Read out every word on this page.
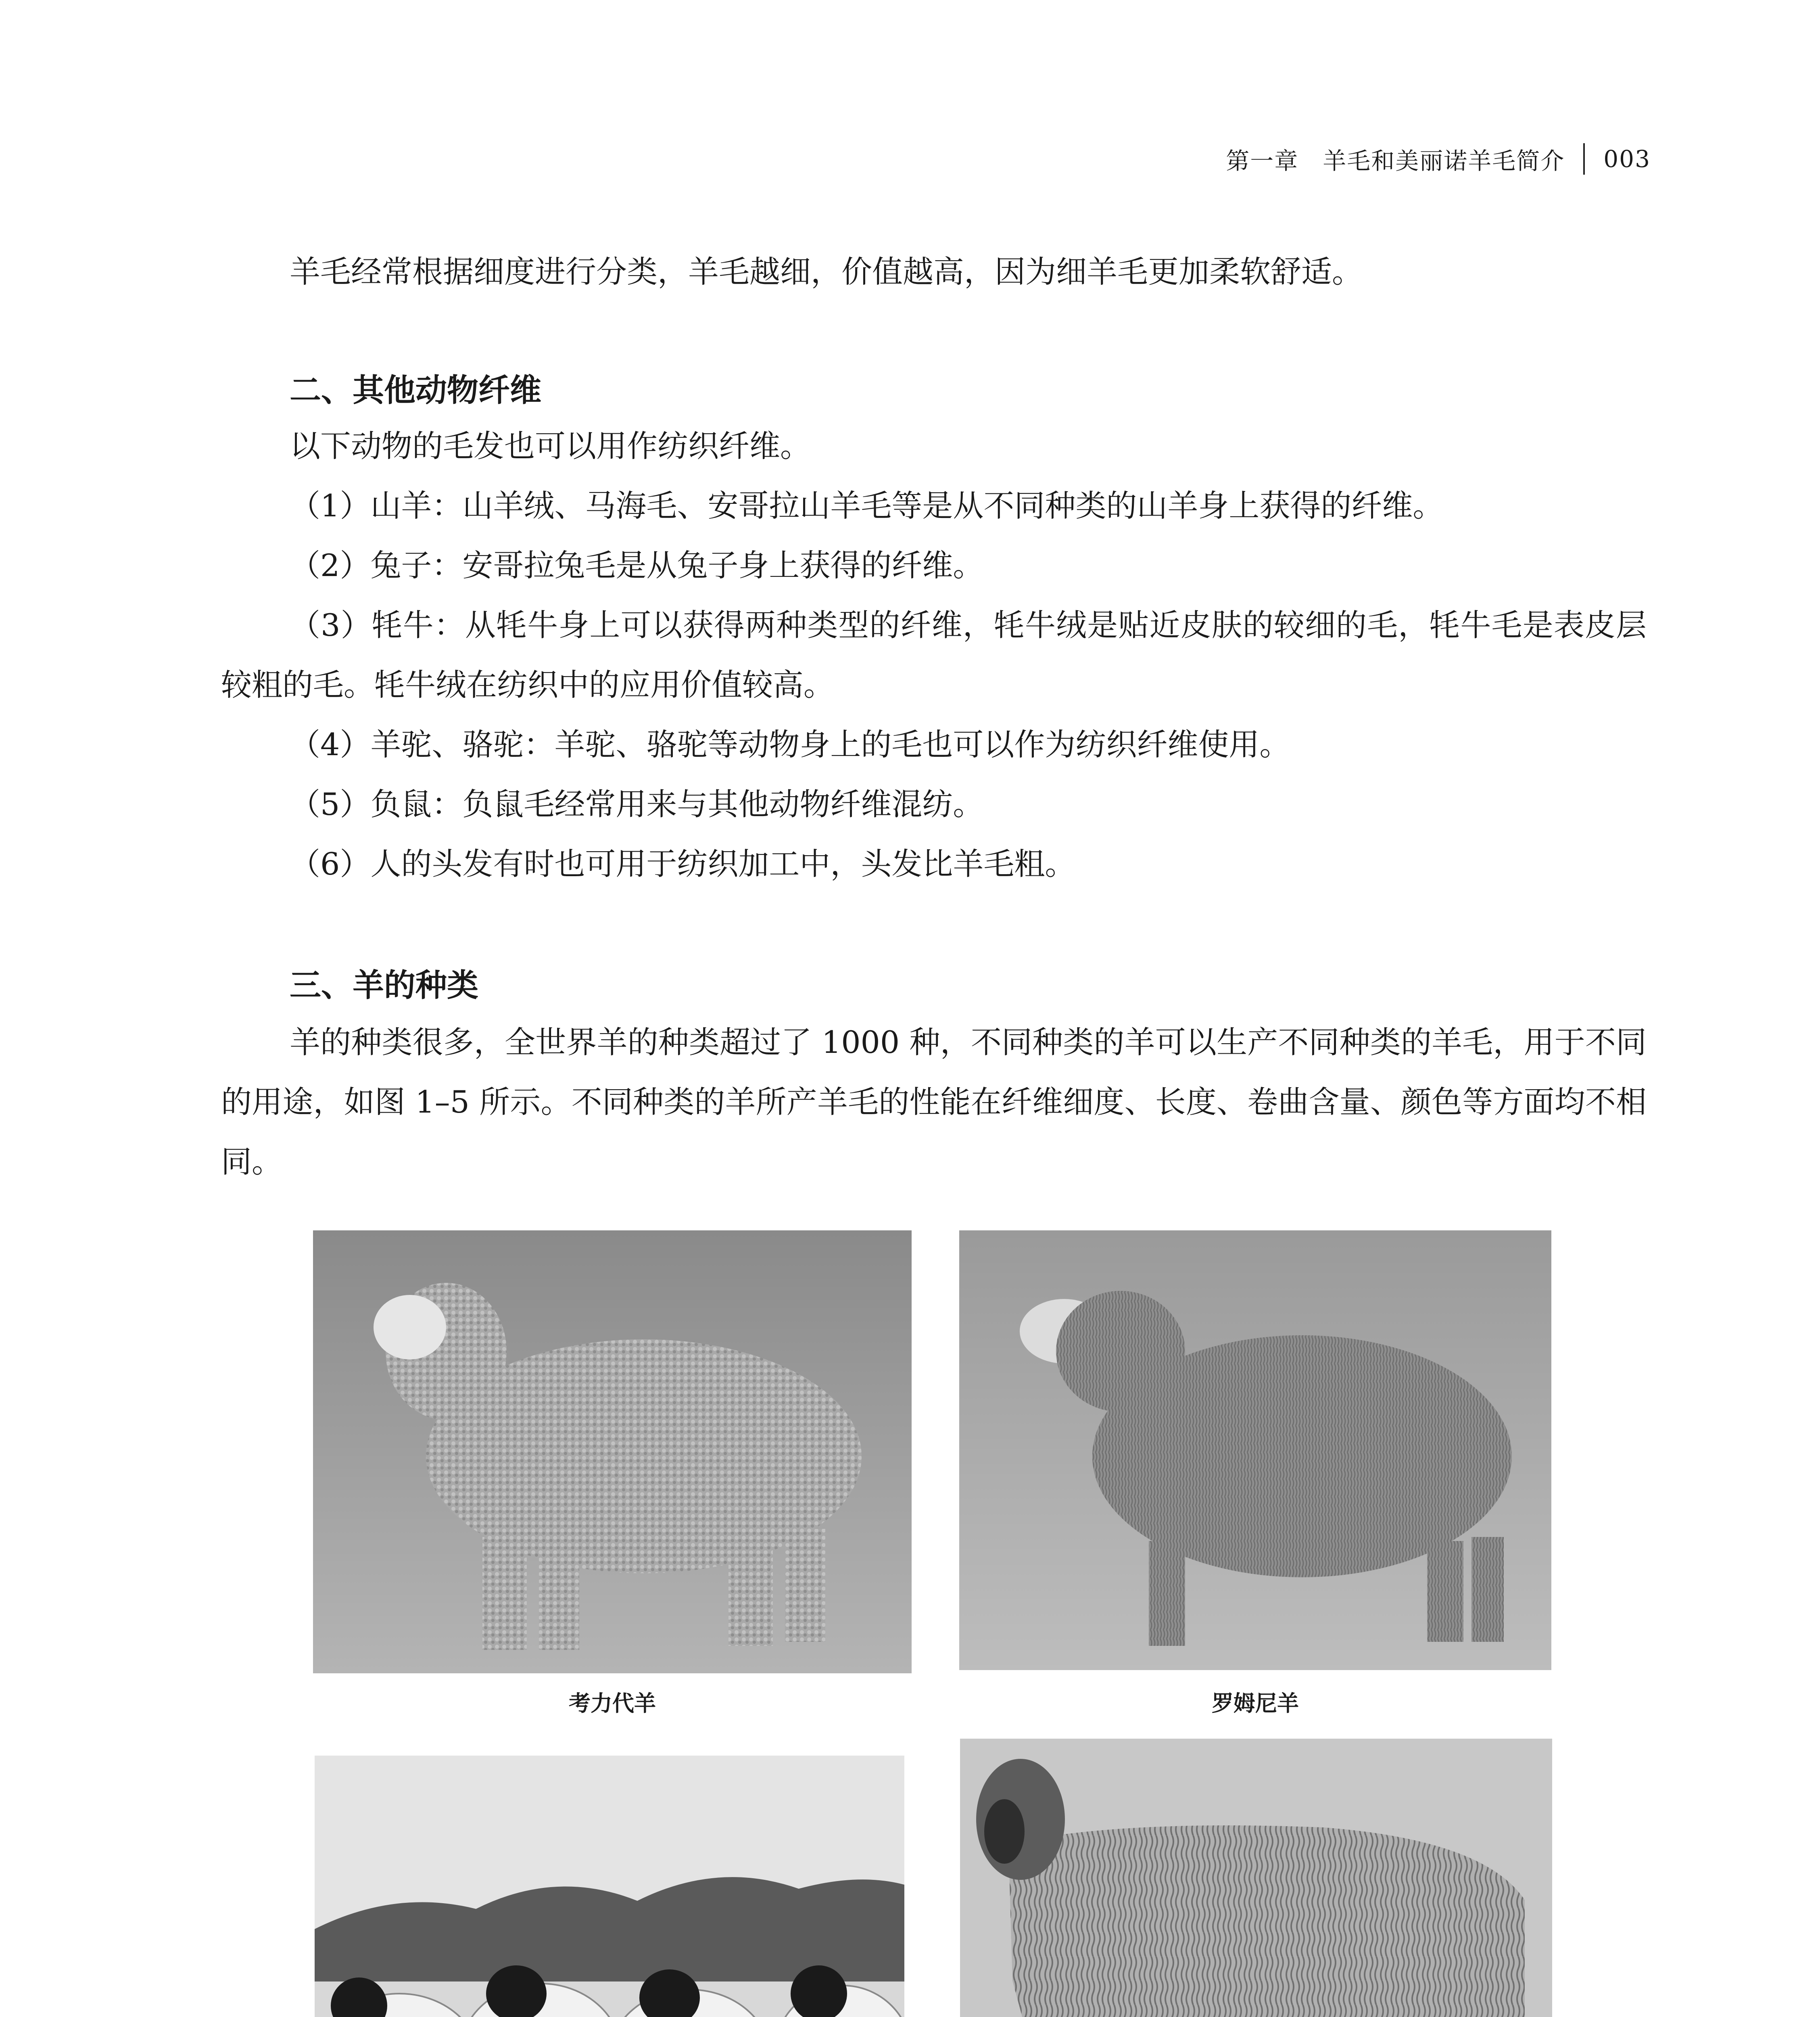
第一章　羊毛和美丽诺羊毛简介 003

羊毛经常根据细度进行分类，羊毛越细，价值越高，因为细羊毛更加柔软舒适。

二、其他动物纤维

以下动物的毛发也可以用作纺织纤维。

（1）山羊：山羊绒、马海毛、安哥拉山羊毛等是从不同种类的山羊身上获得的纤维。

（2）兔子：安哥拉兔毛是从兔子身上获得的纤维。

（3）牦牛：从牦牛身上可以获得两种类型的纤维，牦牛绒是贴近皮肤的较细的毛，牦牛毛是表皮层较粗的毛。牦牛绒在纺织中的应用价值较高。

（4）羊驼、骆驼：羊驼、骆驼等动物身上的毛也可以作为纺织纤维使用。

（5）负鼠：负鼠毛经常用来与其他动物纤维混纺。

（6）人的头发有时也可用于纺织加工中，头发比羊毛粗。

三、羊的种类

羊的种类很多，全世界羊的种类超过了 1000 种，不同种类的羊可以生产不同种类的羊毛，用于不同的用途，如图 1–5 所示。不同种类的羊所产羊毛的性能在纤维细度、长度、卷曲含量、颜色等方面均不相同。

考力代羊	罗姆尼羊
